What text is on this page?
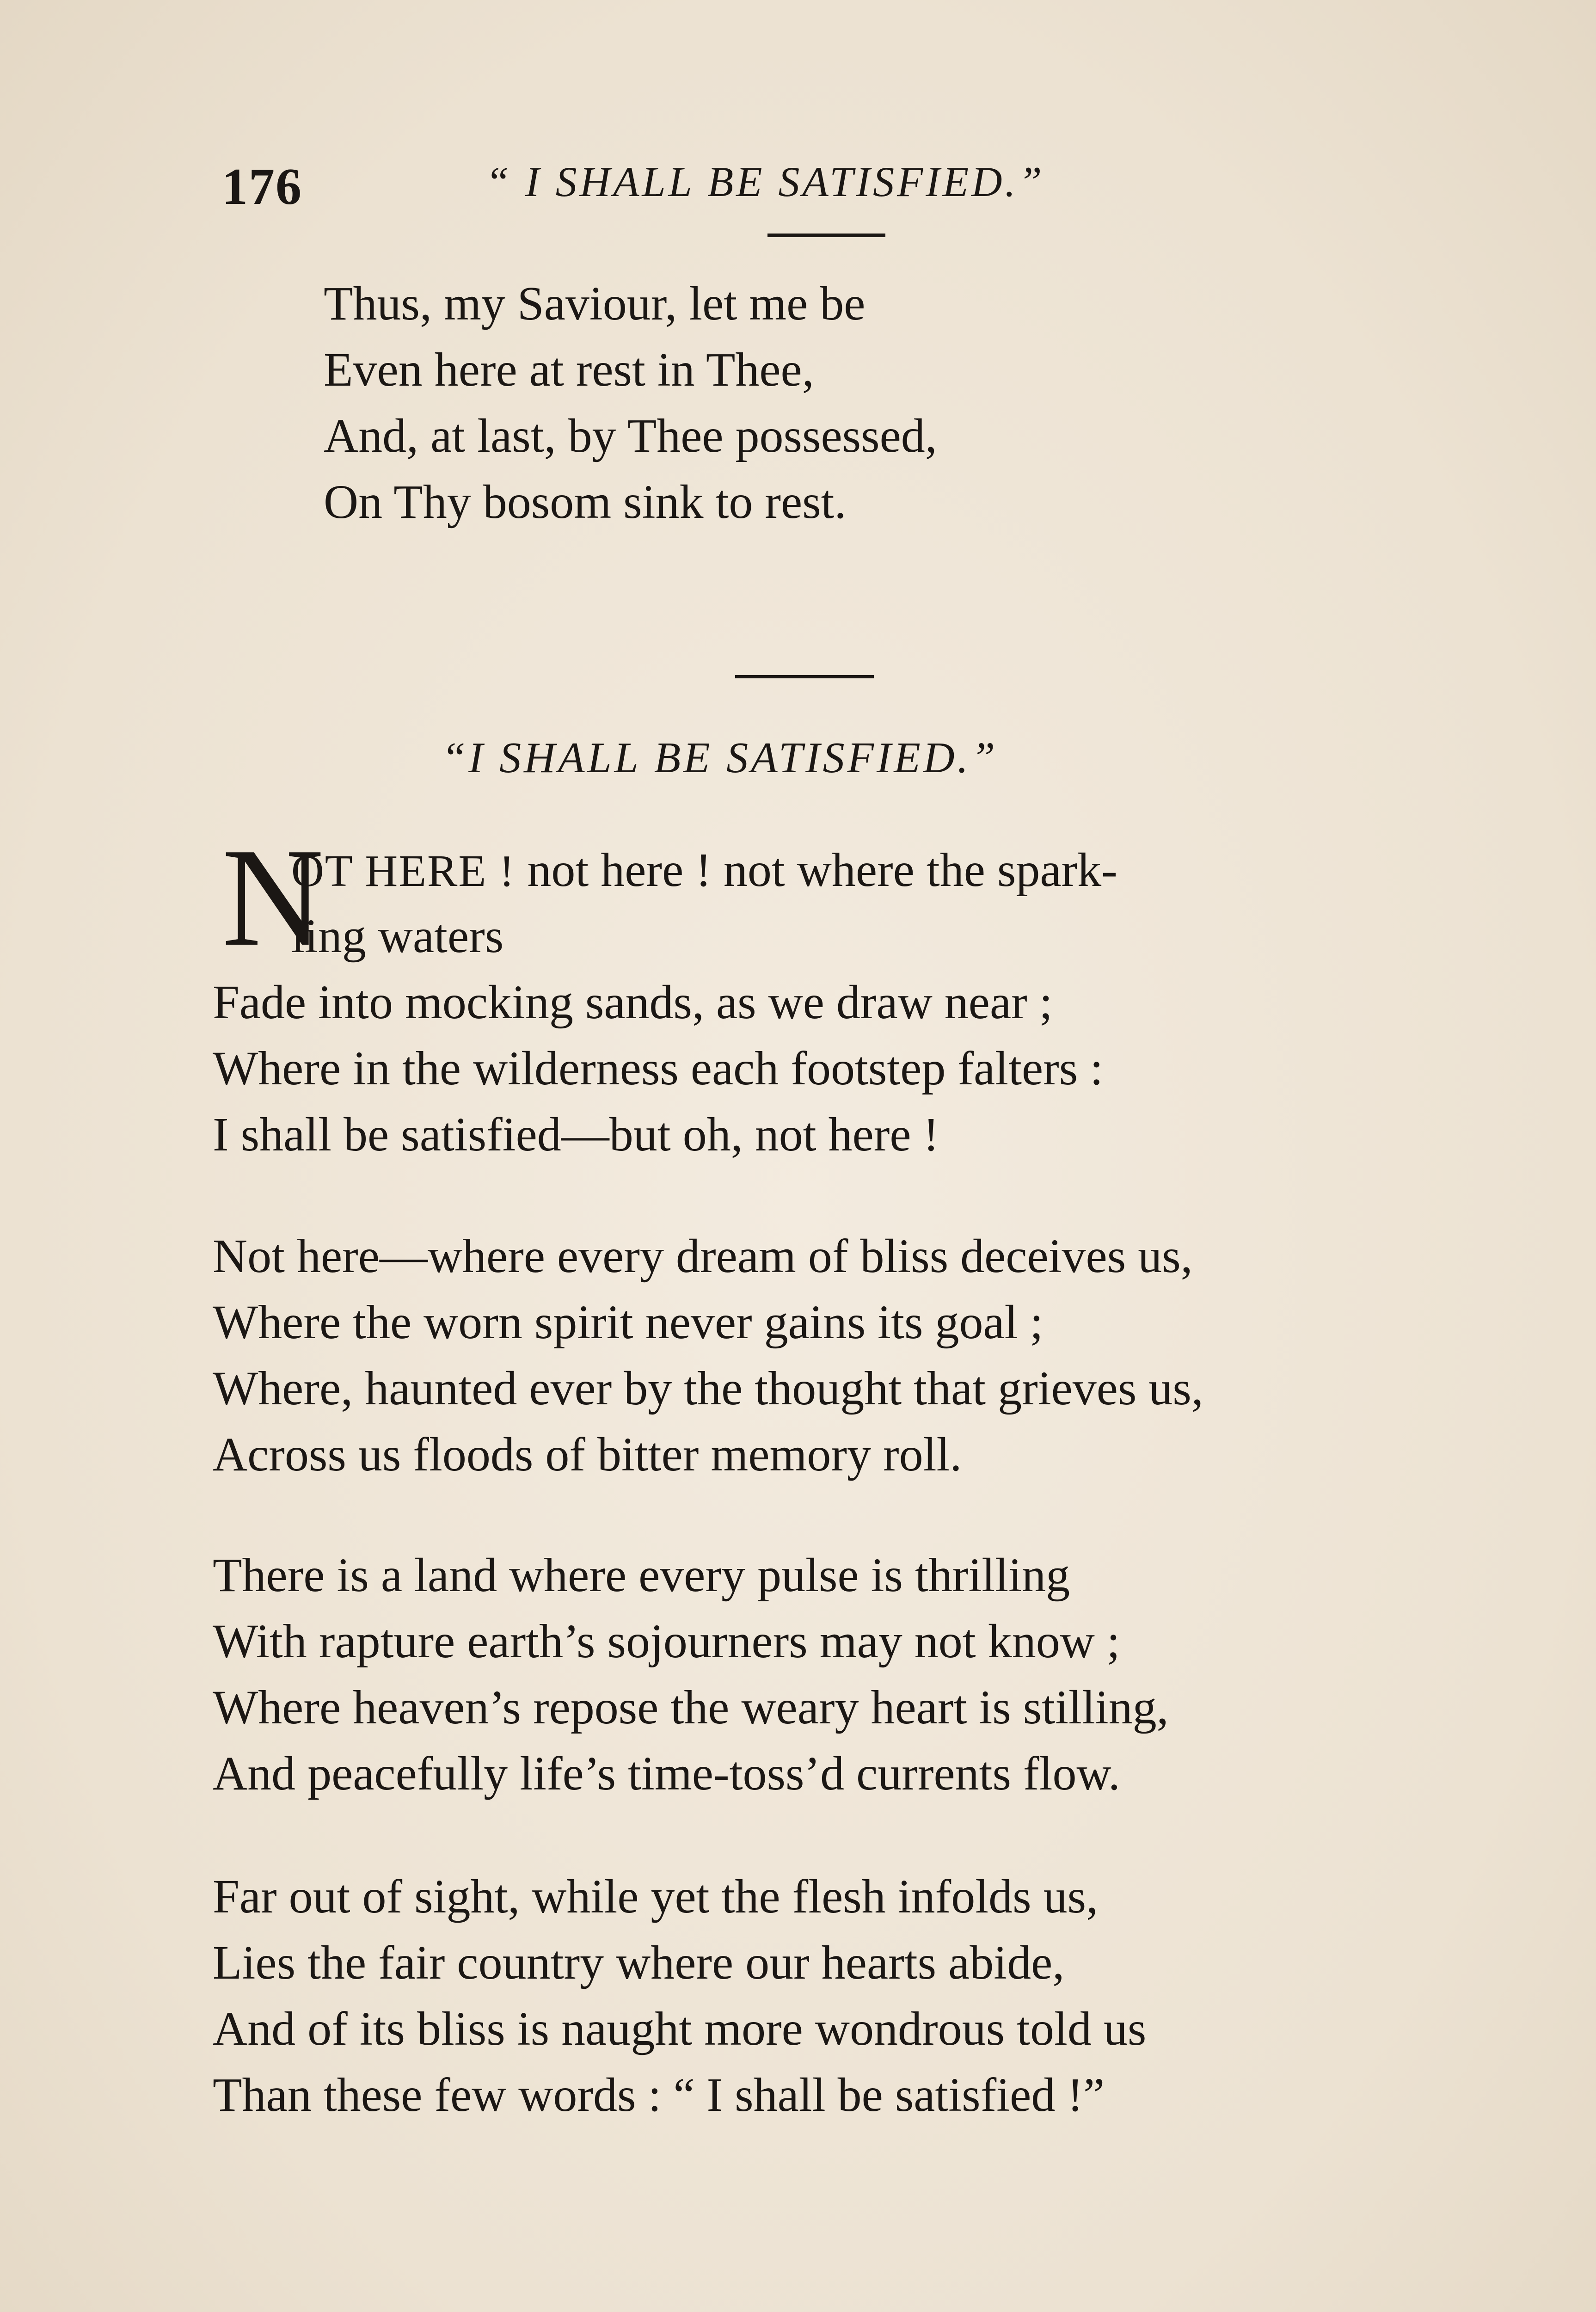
176	“ I SHALL BE SATISFIED.”
Thus, my Saviour, let me be
Even here at rest in Thee,
And, at last, by Thee possessed,
On Thy bosom sink to rest.
“I SHALL BE SATISFIED.”
N
OT HERE ! not here ! not where the spark-
ling waters
Fade into mocking sands, as we draw near ;
Where in the wilderness each footstep falters :
I shall be satisfied—but oh, not here !
Not here—where every dream of bliss deceives us,
Where the worn spirit never gains its goal ;
Where, haunted ever by the thought that grieves us,
Across us floods of bitter memory roll.
There is a land where every pulse is thrilling
With rapture earth’s sojourners may not know ;
Where heaven’s repose the weary heart is stilling,
And peacefully life’s time-toss’d currents flow.
Far out of sight, while yet the flesh infolds us,
Lies the fair country where our hearts abide,
And of its bliss is naught more wondrous told us
Than these few words : “ I shall be satisfied !”
